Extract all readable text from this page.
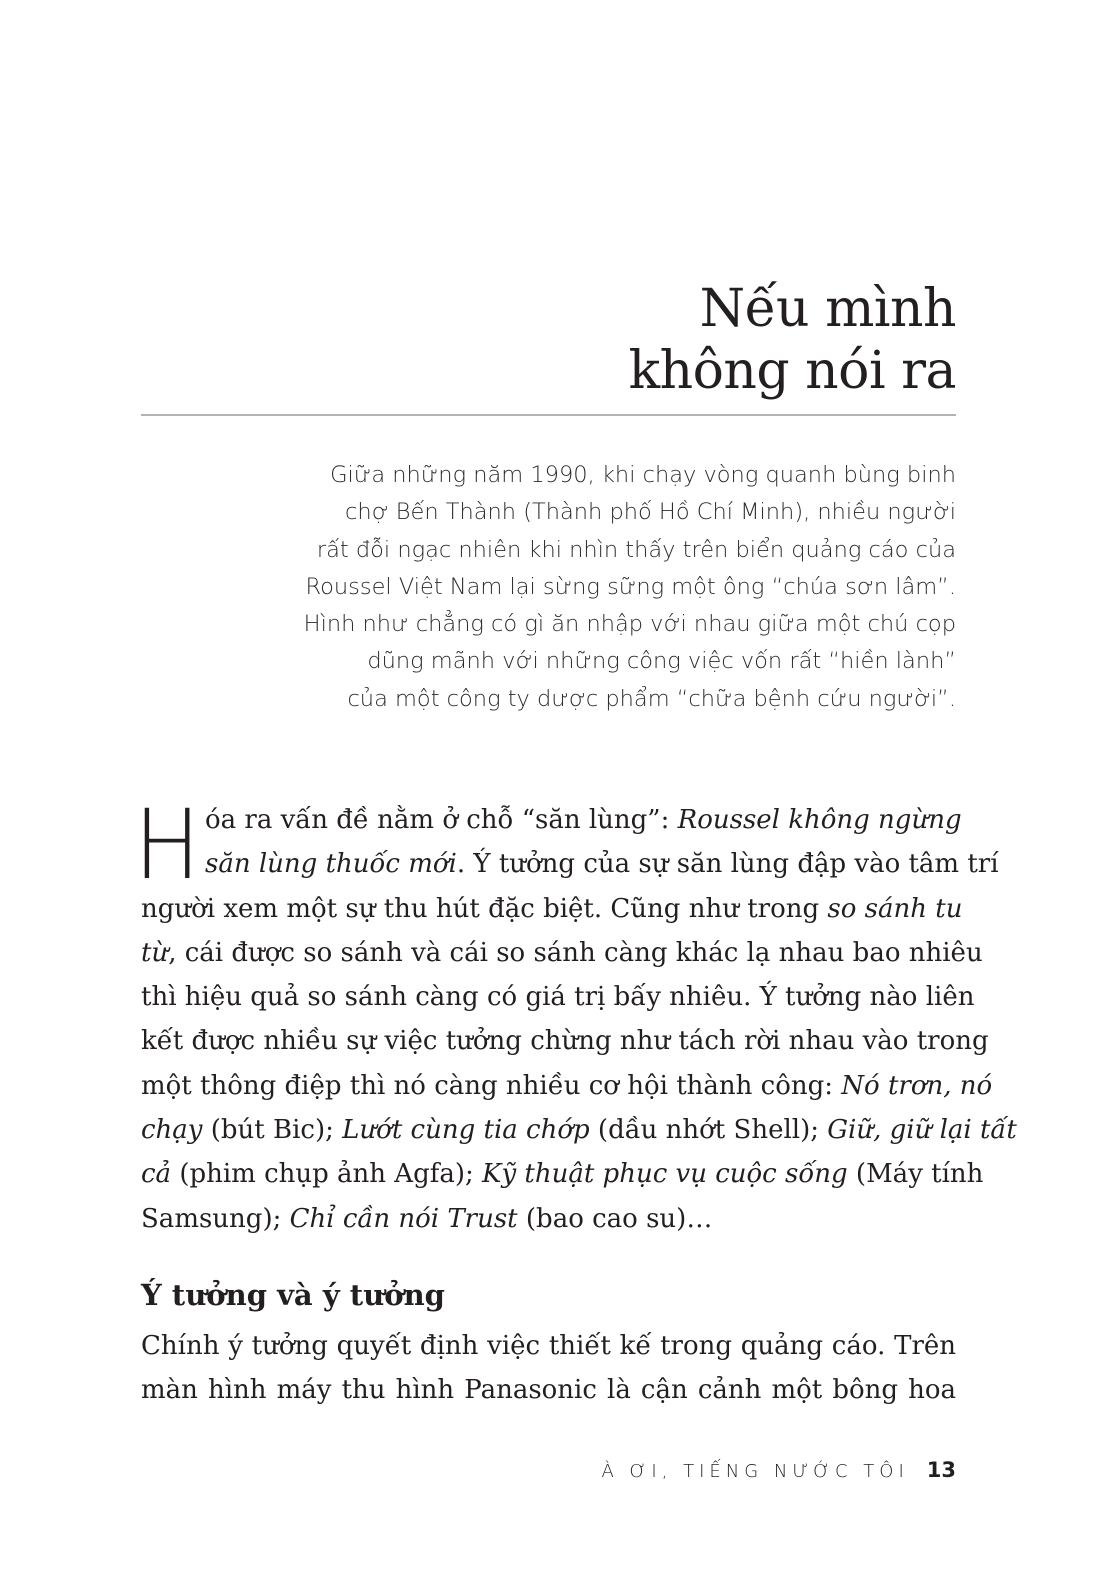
Nếu mình
không nói ra
Giữa những năm 1990, khi chạy vòng quanh bùng binh
chợ Bến Thành (Thành phố Hồ Chí Minh), nhiều người
rất đỗi ngạc nhiên khi nhìn thấy trên biển quảng cáo của
Roussel Việt Nam lại sừng sững một ông “chúa sơn lâm”.
Hình như chẳng có gì ăn nhập với nhau giữa một chú cọp
dũng mãnh với những công việc vốn rất “hiền lành”
của một công ty dược phẩm “chữa bệnh cứu người”.
H óa ra vấn đề nằm ở chỗ “săn lùng”: Roussel không ngừng
săn lùng thuốc mới. Ý tưởng của sự săn lùng đập vào tâm trí
người xem một sự thu hút đặc biệt. Cũng như trong so sánh tu
từ, cái được so sánh và cái so sánh càng khác lạ nhau bao nhiêu
thì hiệu quả so sánh càng có giá trị bấy nhiêu. Ý tưởng nào liên
kết được nhiều sự việc tưởng chừng như tách rời nhau vào trong
một thông điệp thì nó càng nhiều cơ hội thành công: Nó trơn, nó
chạy (bút Bic); Lướt cùng tia chớp (dầu nhớt Shell); Giữ, giữ lại tất
cả (phim chụp ảnh Agfa); Kỹ thuật phục vụ cuộc sống (Máy tính
Samsung); Chỉ cần nói Trust (bao cao su)…
Ý tưởng và ý tưởng
Chính ý tưởng quyết định việc thiết kế trong quảng cáo. Trên
màn hình máy thu hình Panasonic là cận cảnh một bông hoa
À ƠI, TIẾNG NƯỚC TÔI 13
